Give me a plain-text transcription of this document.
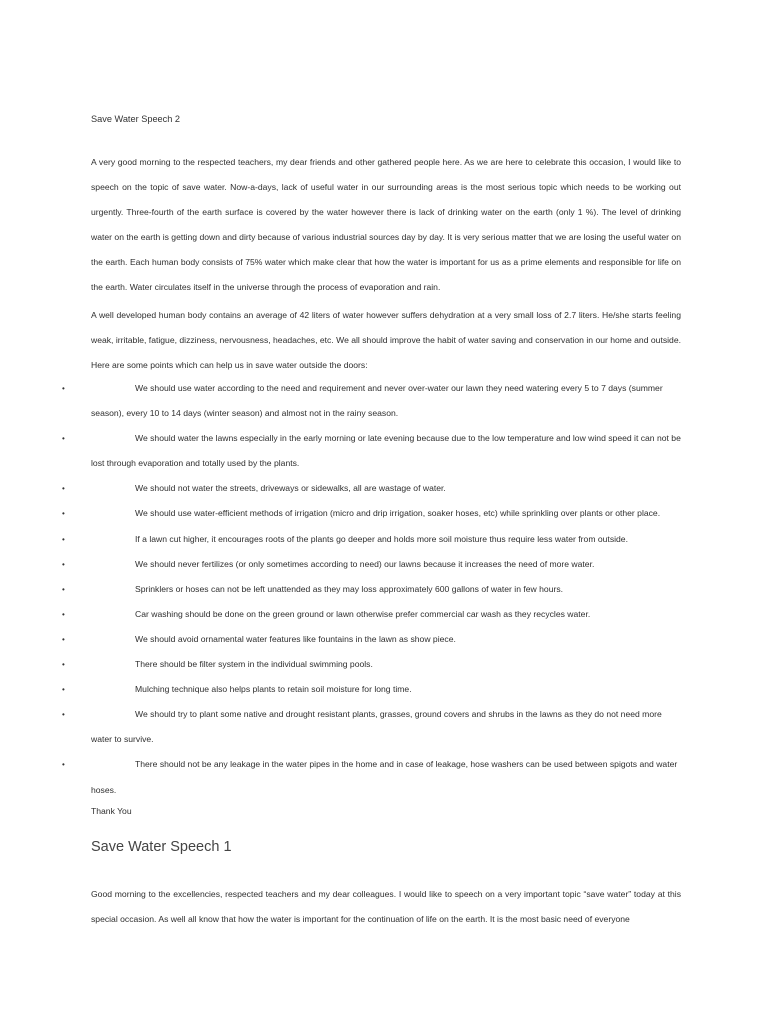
Save Water Speech 2

A very good morning to the respected teachers, my dear friends and other gathered people here. As we are here to celebrate this occasion, I would like to speech on the topic of save water. Now-a-days, lack of useful water in our surrounding areas is the most serious topic which needs to be working out urgently. Three-fourth of the earth surface is covered by the water however there is lack of drinking water on the earth (only 1 %). The level of drinking water on the earth is getting down and dirty because of various industrial sources day by day. It is very serious matter that we are losing the useful water on the earth. Each human body consists of 75% water which make clear that how the water is important for us as a prime elements and responsible for life on the earth. Water circulates itself in the universe through the process of evaporation and rain.

A well developed human body contains an average of 42 liters of water however suffers dehydration at a very small loss of 2.7 liters. He/she starts feeling weak, irritable, fatigue, dizziness, nervousness, headaches, etc. We all should improve the habit of water saving and conservation in our home and outside. Here are some points which can help us in save water outside the doors:

•	We should use water according to the need and requirement and never over-water our lawn they need watering every 5 to 7 days (summer season), every 10 to 14 days (winter season) and almost not in the rainy season.
•	We should water the lawns especially in the early morning or late evening because due to the low temperature and low wind speed it can not be lost through evaporation and totally used by the plants.
•	We should not water the streets, driveways or sidewalks, all are wastage of water.
•	We should use water-efficient methods of irrigation (micro and drip irrigation, soaker hoses, etc) while sprinkling over plants or other place.
•	If a lawn cut higher, it encourages roots of the plants go deeper and holds more soil moisture thus require less water from outside.
•	We should never fertilizes (or only sometimes according to need) our lawns because it increases the need of more water.
•	Sprinklers or hoses can not be left unattended as they may loss approximately 600 gallons of water in few hours.
•	Car washing should be done on the green ground or lawn otherwise prefer commercial car wash as they recycles water.
•	We should avoid ornamental water features like fountains in the lawn as show piece.
•	There should be filter system in the individual swimming pools.
•	Mulching technique also helps plants to retain soil moisture for long time.
•	We should try to plant some native and drought resistant plants, grasses, ground covers and shrubs in the lawns as they do not need more water to survive.
•	There should not be any leakage in the water pipes in the home and in case of leakage, hose washers can be used between spigots and water hoses.

Thank You

Save Water Speech 1

Good morning to the excellencies, respected teachers and my dear colleagues. I would like to speech on a very important topic “save water” today at this special occasion. As well all know that how the water is important for the continuation of life on the earth. It is the most basic need of everyone
